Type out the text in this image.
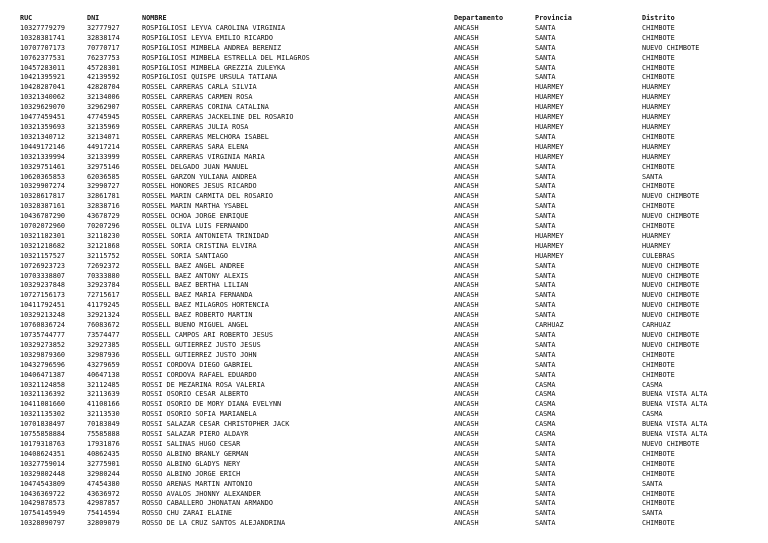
RUC	DNI	NOMBRE	Departamento	Provincia	Distrito
10327779279	32777927	ROSPIGLIOSI LEYVA CAROLINA VIRGINIA	ANCASH	SANTA	CHIMBOTE
10328381741	32838174	ROSPIGLIOSI LEYVA EMILIO RICARDO	ANCASH	SANTA	CHIMBOTE
10707707173	70770717	ROSPIGLIOSI MIMBELA ANDREA BERENIZ	ANCASH	SANTA	NUEVO CHIMBOTE
10762377531	76237753	ROSPIGLIOSI MIMBELA ESTRELLA DEL MILAGROS	ANCASH	SANTA	CHIMBOTE
10457283011	45728301	ROSPIGLIOSI MIMBELA GREZZIA ZULEYKA	ANCASH	SANTA	CHIMBOTE
10421395921	42139592	ROSPIGLIOSI QUISPE URSULA TATIANA	ANCASH	SANTA	CHIMBOTE
10428287041	42828704	ROSSEL CARRERAS CARLA SILVIA	ANCASH	HUARMEY	HUARMEY
10321340062	32134006	ROSSEL CARRERAS CARMEN ROSA	ANCASH	HUARMEY	HUARMEY
10329629070	32962907	ROSSEL CARRERAS CORINA CATALINA	ANCASH	HUARMEY	HUARMEY
10477459451	47745945	ROSSEL CARRERAS JACKELINE DEL ROSARIO	ANCASH	HUARMEY	HUARMEY
10321359693	32135969	ROSSEL CARRERAS JULIA ROSA	ANCASH	HUARMEY	HUARMEY
10321340712	32134071	ROSSEL CARRERAS MELCHORA ISABEL	ANCASH	SANTA	CHIMBOTE
10449172146	44917214	ROSSEL CARRERAS SARA ELENA	ANCASH	HUARMEY	HUARMEY
10321339994	32133999	ROSSEL CARRERAS VIRGINIA MARIA	ANCASH	HUARMEY	HUARMEY
10329751461	32975146	ROSSEL DELGADO JUAN MANUEL	ANCASH	SANTA	CHIMBOTE
10620365853	62036585	ROSSEL GARZON YULIANA ANDREA	ANCASH	SANTA	SANTA
10329907274	32990727	ROSSEL HONORES JESUS RICARDO	ANCASH	SANTA	CHIMBOTE
10328617817	32861781	ROSSEL MARIN CARMITA DEL ROSARIO	ANCASH	SANTA	NUEVO CHIMBOTE
10328387161	32838716	ROSSEL MARIN MARTHA YSABEL	ANCASH	SANTA	CHIMBOTE
10436787290	43678729	ROSSEL OCHOA JORGE ENRIQUE	ANCASH	SANTA	NUEVO CHIMBOTE
10702072960	70207296	ROSSEL OLIVA LUIS FERNANDO	ANCASH	SANTA	CHIMBOTE
10321182301	32118230	ROSSEL SORIA ANTONIETA TRINIDAD	ANCASH	HUARMEY	HUARMEY
10321218682	32121868	ROSSEL SORIA CRISTINA ELVIRA	ANCASH	HUARMEY	HUARMEY
10321157527	32115752	ROSSEL SORIA SANTIAGO	ANCASH	HUARMEY	CULEBRAS
10726923723	72692372	ROSSELL BAEZ ANGEL ANDREE	ANCASH	SANTA	NUEVO CHIMBOTE
10703338807	70333880	ROSSELL BAEZ ANTONY ALEXIS	ANCASH	SANTA	NUEVO CHIMBOTE
10329237848	32923784	ROSSELL BAEZ BERTHA LILIAN	ANCASH	SANTA	NUEVO CHIMBOTE
10727156173	72715617	ROSSELL BAEZ MARIA FERNANDA	ANCASH	SANTA	NUEVO CHIMBOTE
10411792451	41179245	ROSSELL BAEZ MILAGROS HORTENCIA	ANCASH	SANTA	NUEVO CHIMBOTE
10329213248	32921324	ROSSELL BAEZ ROBERTO MARTIN	ANCASH	SANTA	NUEVO CHIMBOTE
10760836724	76083672	ROSSELL BUENO MIGUEL ANGEL	ANCASH	CARHUAZ	CARHUAZ
10735744777	73574477	ROSSELL CAMPOS ARI ROBERTO JESUS	ANCASH	SANTA	NUEVO CHIMBOTE
10329273852	32927385	ROSSELL GUTIERREZ JUSTO JESUS	ANCASH	SANTA	NUEVO CHIMBOTE
10329879360	32987936	ROSSELL GUTIERREZ JUSTO JOHN	ANCASH	SANTA	CHIMBOTE
10432796596	43279659	ROSSI CORDOVA DIEGO GABRIEL	ANCASH	SANTA	CHIMBOTE
10406471387	40647138	ROSSI CORDOVA RAFAEL EDUARDO	ANCASH	SANTA	CHIMBOTE
10321124858	32112485	ROSSI DE MEZARINA ROSA VALERIA	ANCASH	CASMA	CASMA
10321136392	32113639	ROSSI OSORIO CESAR ALBERTO	ANCASH	CASMA	BUENA VISTA ALTA
10411081660	41108166	ROSSI OSORIO DE MORY DIANA EVELYNN	ANCASH	CASMA	BUENA VISTA ALTA
10321135302	32113530	ROSSI OSORIO SOFIA MARIANELA	ANCASH	CASMA	CASMA
10701838497	70183849	ROSSI SALAZAR CESAR CHRISTOPHER JACK	ANCASH	CASMA	BUENA VISTA ALTA
10755858884	75585888	ROSSI SALAZAR PIERO ALDAYR	ANCASH	CASMA	BUENA VISTA ALTA
10179318763	17931876	ROSSI SALINAS HUGO CESAR	ANCASH	SANTA	NUEVO CHIMBOTE
10408624351	40862435	ROSSO ALBINO BRANLY GERMAN	ANCASH	SANTA	CHIMBOTE
10327759014	32775901	ROSSO ALBINO GLADYS NERY	ANCASH	SANTA	CHIMBOTE
10329802448	32980244	ROSSO ALBINO JORGE ERICH	ANCASH	SANTA	CHIMBOTE
10474543809	47454380	ROSSO ARENAS MARTIN ANTONIO	ANCASH	SANTA	SANTA
10436369722	43636972	ROSSO AVALOS JHONNY ALEXANDER	ANCASH	SANTA	CHIMBOTE
10429878573	42987857	ROSSO CABALLERO JHONATAN ARMANDO	ANCASH	SANTA	CHIMBOTE
10754145949	75414594	ROSSO CHU ZARAI ELAINE	ANCASH	SANTA	SANTA
10328090797	32809079	ROSSO DE LA CRUZ SANTOS ALEJANDRINA	ANCASH	SANTA	CHIMBOTE
